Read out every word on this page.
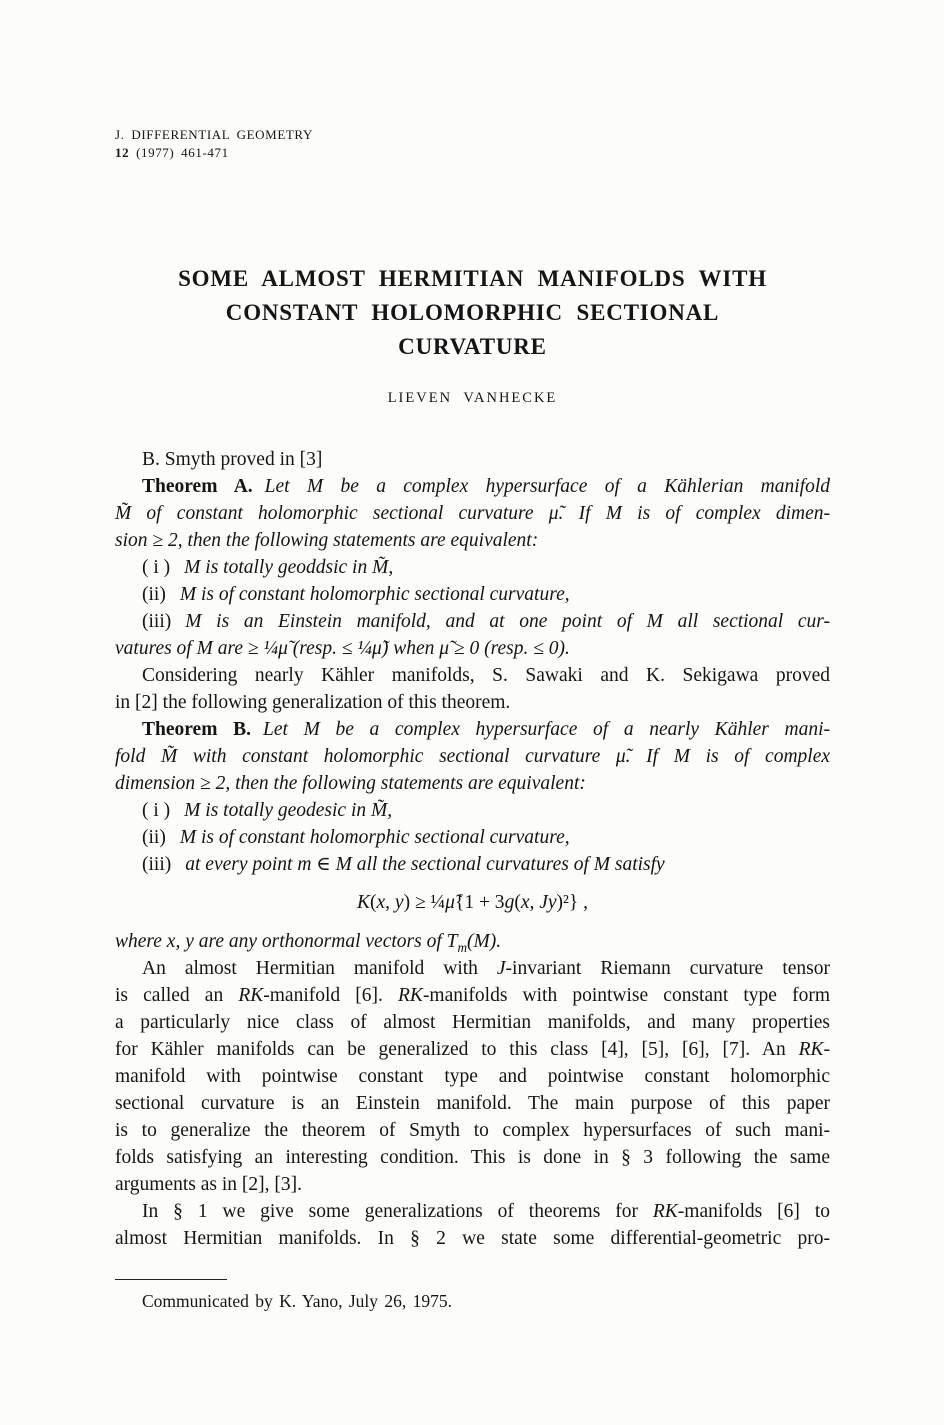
J. DIFFERENTIAL GEOMETRY
12 (1977) 461-471
SOME ALMOST HERMITIAN MANIFOLDS WITH
CONSTANT HOLOMORPHIC SECTIONAL
CURVATURE
LIEVEN VANHECKE
B. Smyth proved in [3]
Theorem A. Let M be a complex hypersurface of a Kählerian manifold
M̃ of constant holomorphic sectional curvature μ̃. If M is of complex dimen-
sion ≥ 2, then the following statements are equivalent:
( i ) M is totally geoddsic in M̃,
(ii) M is of constant holomorphic sectional curvature,
(iii) M is an Einstein manifold, and at one point of M all sectional cur-
vatures of M are ≥ ¼μ̃ (resp. ≤ ¼μ̃) when μ̃ ≥ 0 (resp. ≤ 0).
Considering nearly Kähler manifolds, S. Sawaki and K. Sekigawa proved
in [2] the following generalization of this theorem.
Theorem B. Let M be a complex hypersurface of a nearly Kähler mani-
fold M̃ with constant holomorphic sectional curvature μ̃. If M is of complex
dimension ≥ 2, then the following statements are equivalent:
( i ) M is totally geodesic in M̃,
(ii) M is of constant holomorphic sectional curvature,
(iii) at every point m ∈ M all the sectional curvatures of M satisfy
K(x, y) ≥ ¼μ̃{1 + 3g(x, Jy)²} ,
where x, y are any orthonormal vectors of $T_m(M)$.
An almost Hermitian manifold with J-invariant Riemann curvature tensor
is called an RK-manifold [6]. RK-manifolds with pointwise constant type form
a particularly nice class of almost Hermitian manifolds, and many properties
for Kähler manifolds can be generalized to this class [4], [5], [6], [7]. An RK-
manifold with pointwise constant type and pointwise constant holomorphic
sectional curvature is an Einstein manifold. The main purpose of this paper
is to generalize the theorem of Smyth to complex hypersurfaces of such mani-
folds satisfying an interesting condition. This is done in § 3 following the same
arguments as in [2], [3].
In § 1 we give some generalizations of theorems for RK-manifolds [6] to
almost Hermitian manifolds. In § 2 we state some differential-geometric pro-
Communicated by K. Yano, July 26, 1975.
